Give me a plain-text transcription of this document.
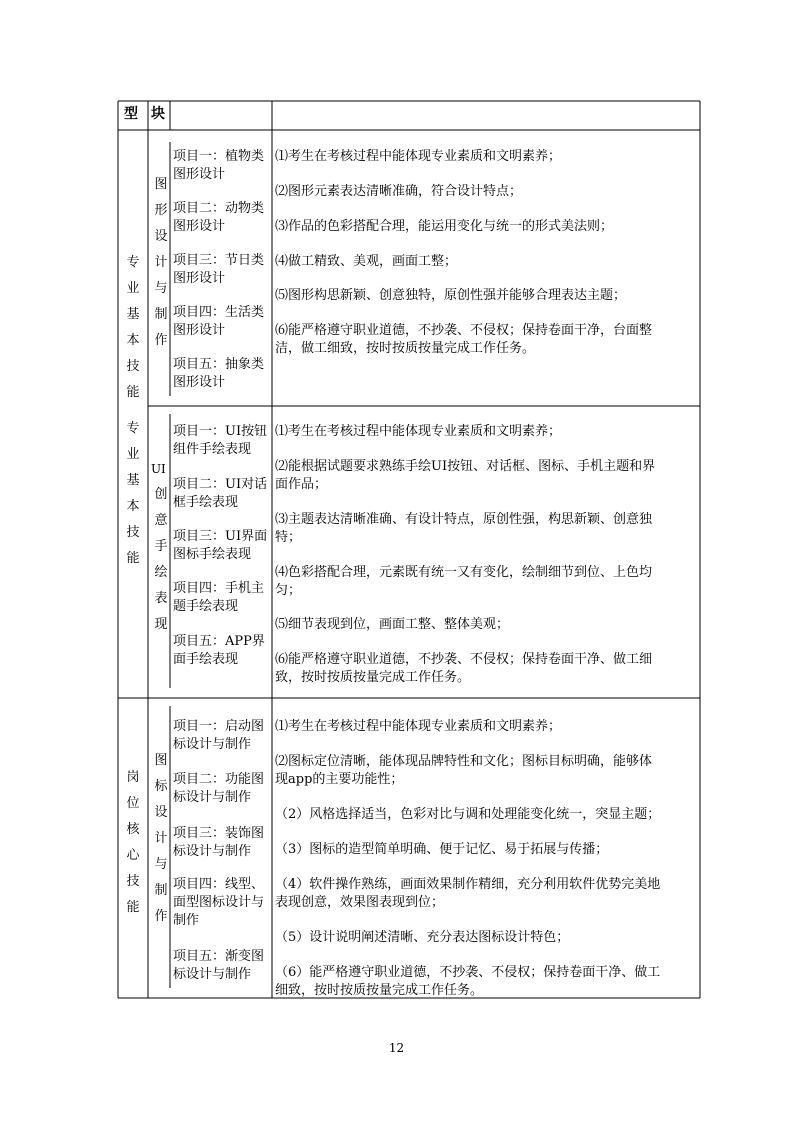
型 块
图
形
设
计
与
制
作
项目一：植物类
图形设计
项目二：动物类
图形设计
项目三：节日类
图形设计
项目四：生活类
图形设计
项目五：抽象类
图形设计
⑴考生在考核过程中能体现专业素质和文明素养；
⑵图形元素表达清晰准确，符合设计特点；
⑶作品的色彩搭配合理，能运用变化与统一的形式美法则；
⑷做工精致、美观，画面工整；
⑸图形构思新颖、创意独特，原创性强并能够合理表达主题；
⑹能严格遵守职业道德，不抄袭、不侵权；保持卷面干净，台面整
洁，做工细致，按时按质按量完成工作任务。
专
业
基
本
技
能
专
业
基
本
技
能
U I
创
意
手
绘
表
现
项目一：UI按钮
组件手绘表现
项目二：UI对话
框手绘表现
项目三：UI界面
图标手绘表现
项目四：手机主
题手绘表现
项目五：APP界
面手绘表现
⑴考生在考核过程中能体现专业素质和文明素养；
⑵能根据试题要求熟练手绘UI按钮、对话框、图标、手机主题和界
面作品；
⑶主题表达清晰准确、有设计特点，原创性强，构思新颖、创意独
特；
⑷色彩搭配合理，元素既有统一又有变化，绘制细节到位、上色均
匀；
⑸细节表现到位，画面工整、整体美观；
⑹能严格遵守职业道德，不抄袭、不侵权；保持卷面干净、做工细
致，按时按质按量完成工作任务。
岗
位
核
心
技
能
图
标
设
计
与
制
作
项目一：启动图
标设计与制作
项目二：功能图
标设计与制作
项目三：装饰图
标设计与制作
项目四：线型、
面型图标设计与
制作
项目五：渐变图
标设计与制作
⑴考生在考核过程中能体现专业素质和文明素养；
⑵图标定位清晰，能体现品牌特性和文化；图标目标明确，能够体
现app的主要功能性；
（2）风格选择适当，色彩对比与调和处理能变化统一，突显主题；
（3）图标的造型简单明确、便于记忆、易于拓展与传播；
（4）软件操作熟练，画面效果制作精细，充分利用软件优势完美地
表现创意，效果图表现到位；
（5）设计说明阐述清晰、充分表达图标设计特色；
（6）能严格遵守职业道德，不抄袭、不侵权；保持卷面干净、做工
细致，按时按质按量完成工作任务。
12
